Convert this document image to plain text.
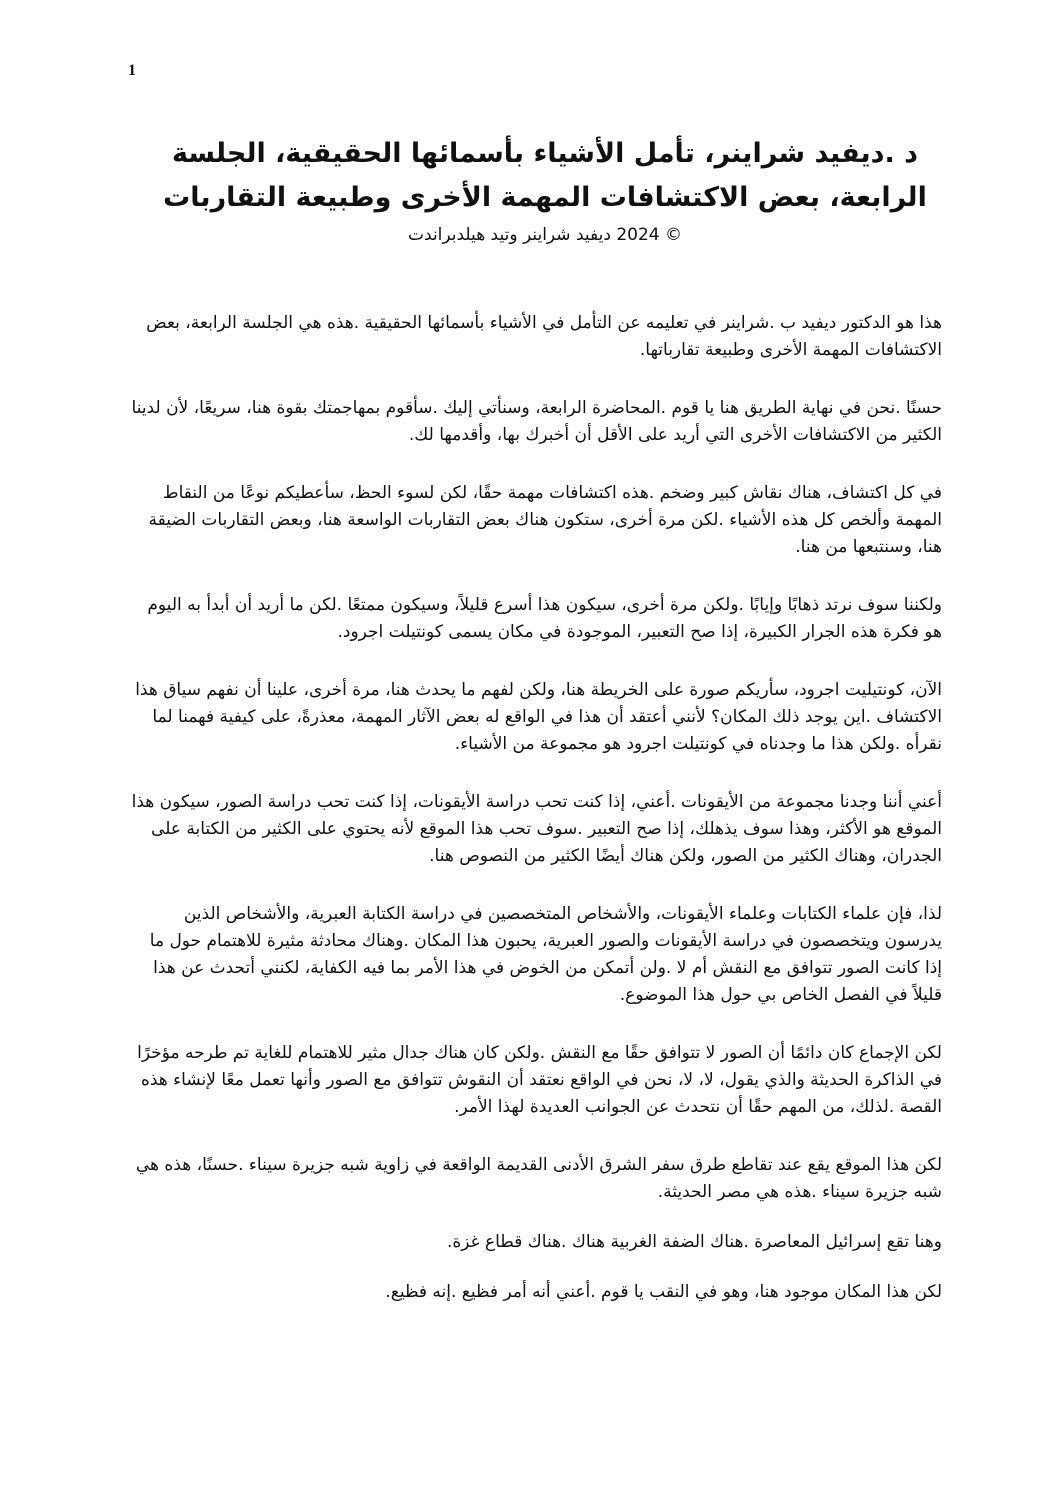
1
د .ديفيد شراينر، تأمل الأشياء بأسمائها الحقيقية، الجلسة الرابعة، بعض الاكتشافات المهمة الأخرى وطبيعة التقاربات

© 2024 ديفيد شراينر وتيد هيلدبراندت

هذا هو الدكتور ديفيد ب .شراينر في تعليمه عن التأمل في الأشياء بأسمائها الحقيقية .هذه هي الجلسة الرابعة، بعض الاكتشافات المهمة الأخرى وطبيعة تقارباتها.

حسنًا .نحن في نهاية الطريق هنا يا قوم .المحاضرة الرابعة، وسنأتي إليك .سأقوم بمهاجمتك بقوة هنا، سريعًا، لأن لدينا الكثير من الاكتشافات الأخرى التي أريد على الأقل أن أخبرك بها، وأقدمها لك.

في كل اكتشاف، هناك نقاش كبير وضخم .هذه اكتشافات مهمة حقًا، لكن لسوء الحظ، سأعطيكم نوعًا من النقاط المهمة وألخص كل هذه الأشياء .لكن مرة أخرى، ستكون هناك بعض التقاربات الواسعة هنا، وبعض التقاربات الضيقة هنا، وسنتبعها من هنا.

ولكننا سوف نرتد ذهابًا وإيابًا .ولكن مرة أخرى، سيكون هذا أسرع قليلاً، وسيكون ممتعًا .لكن ما أريد أن أبدأ به اليوم هو فكرة هذه الجرار الكبيرة، إذا صح التعبير، الموجودة في مكان يسمى كونتيلت اجرود.

الآن، كونتيليت اجرود، سأريكم صورة على الخريطة هنا، ولكن لفهم ما يحدث هنا، مرة أخرى، علينا أن نفهم سياق هذا الاكتشاف .اين يوجد ذلك المكان؟ لأنني أعتقد أن هذا في الواقع له بعض الآثار المهمة، معذرةً، على كيفية فهمنا لما نقرأه .ولكن هذا ما وجدناه في كونتيلت اجرود هو مجموعة من الأشياء.

أعني أننا وجدنا مجموعة من الأيقونات .أعني، إذا كنت تحب دراسة الأيقونات، إذا كنت تحب دراسة الصور، سيكون هذا الموقع هو الأكثر، وهذا سوف يذهلك، إذا صح التعبير .سوف تحب هذا الموقع لأنه يحتوي على الكثير من الكتابة على الجدران، وهناك الكثير من الصور، ولكن هناك أيضًا الكثير من النصوص هنا.

لذا، فإن علماء الكتابات وعلماء الأيقونات، والأشخاص المتخصصين في دراسة الكتابة العبرية، والأشخاص الذين يدرسون ويتخصصون في دراسة الأيقونات والصور العبرية، يحبون هذا المكان .وهناك محادثة مثيرة للاهتمام حول ما إذا كانت الصور تتوافق مع النقش أم لا .ولن أتمكن من الخوض في هذا الأمر بما فيه الكفاية، لكنني أتحدث عن هذا قليلاً في الفصل الخاص بي حول هذا الموضوع.

لكن الإجماع كان دائمًا أن الصور لا تتوافق حقًا مع النقش .ولكن كان هناك جدال مثير للاهتمام للغاية تم طرحه مؤخرًا في الذاكرة الحديثة والذي يقول، لا، لا، نحن في الواقع نعتقد أن النقوش تتوافق مع الصور وأنها تعمل معًا لإنشاء هذه القصة .لذلك، من المهم حقًا أن نتحدث عن الجوانب العديدة لهذا الأمر.

لكن هذا الموقع يقع عند تقاطع طرق سفر الشرق الأدنى القديمة الواقعة في زاوية شبه جزيرة سيناء .حسنًا، هذه هي شبه جزيرة سيناء .هذه هي مصر الحديثة.

وهنا تقع إسرائيل المعاصرة .هناك الضفة الغربية هناك .هناك قطاع غزة.

لكن هذا المكان موجود هنا، وهو في النقب يا قوم .أعني أنه أمر فظيع .إنه فظيع.
